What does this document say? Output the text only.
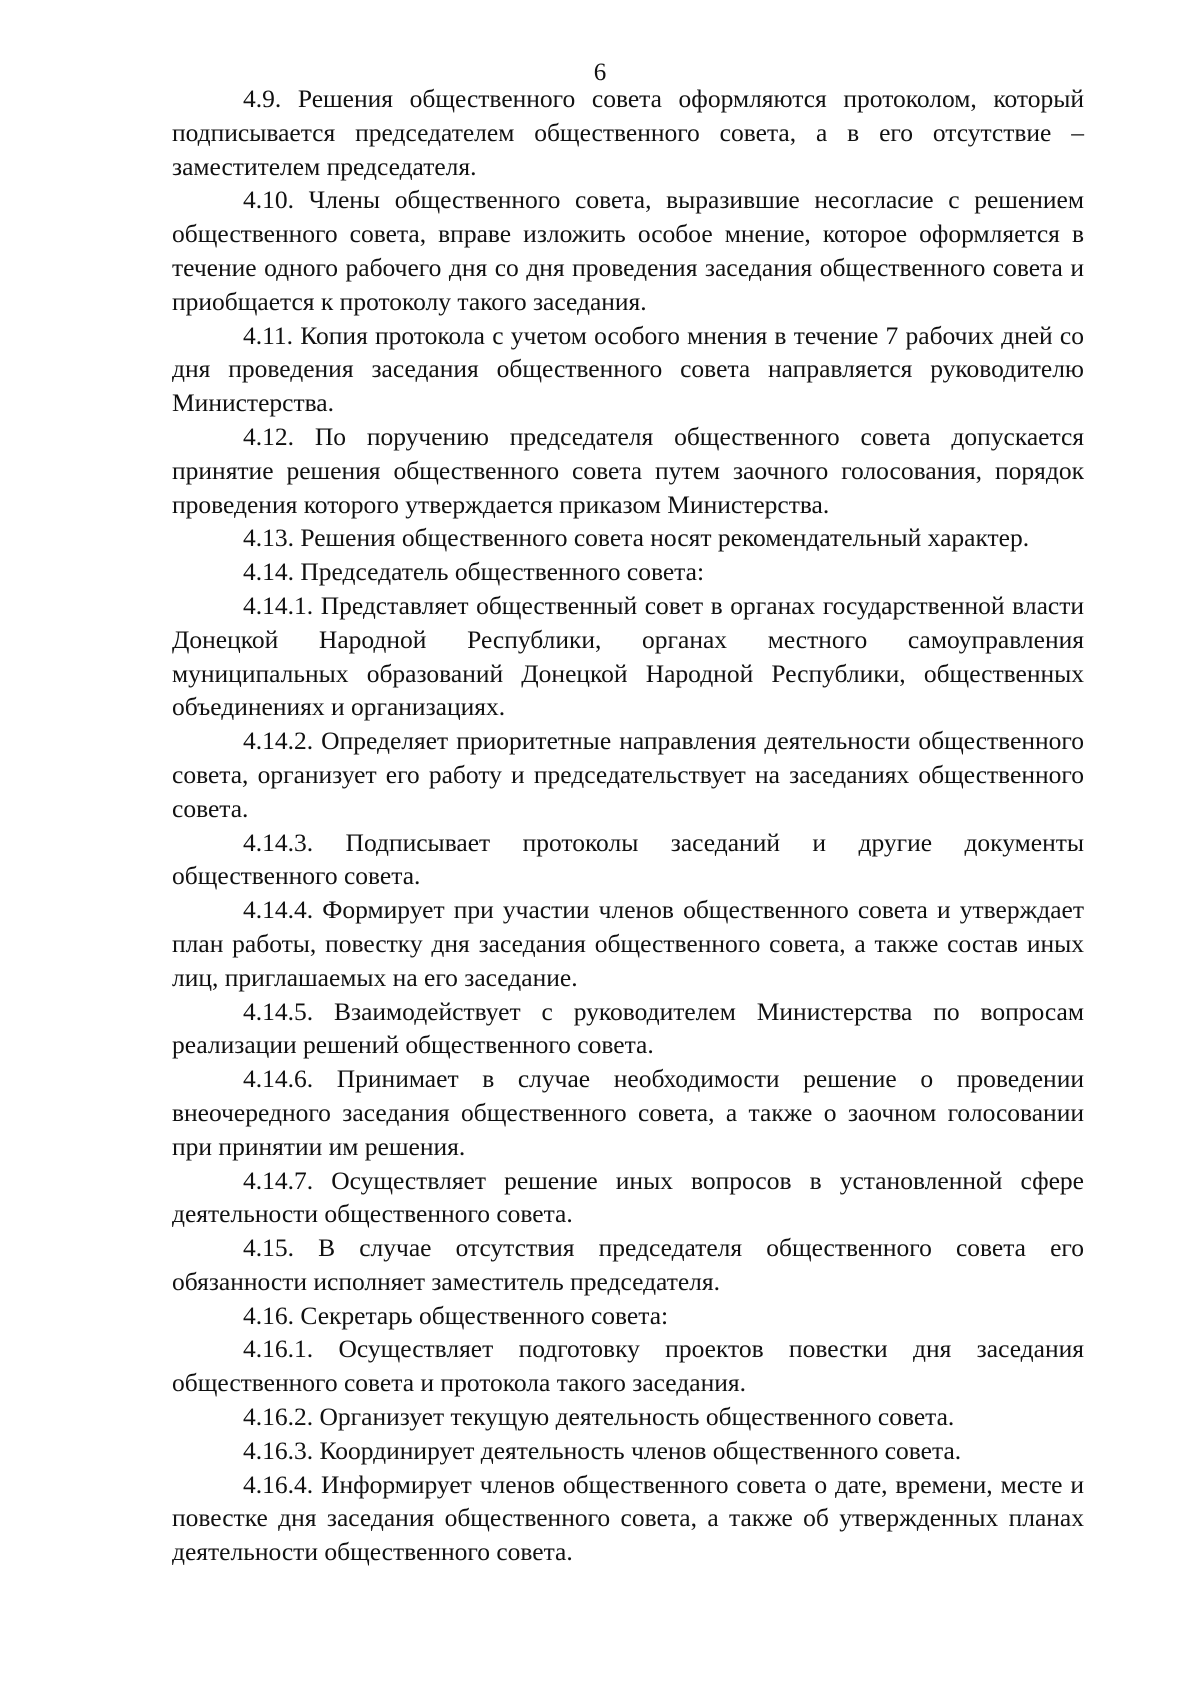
6

4.9. Решения общественного совета оформляются протоколом, который подписывается председателем общественного совета, а в его отсутствие – заместителем председателя.

4.10. Члены общественного совета, выразившие несогласие с решением общественного совета, вправе изложить особое мнение, которое оформляется в течение одного рабочего дня со дня проведения заседания общественного совета и приобщается к протоколу такого заседания.

4.11. Копия протокола с учетом особого мнения в течение 7 рабочих дней со дня проведения заседания общественного совета направляется руководителю Министерства.

4.12. По поручению председателя общественного совета допускается принятие решения общественного совета путем заочного голосования, порядок проведения которого утверждается приказом Министерства.

4.13. Решения общественного совета носят рекомендательный характер.

4.14. Председатель общественного совета:

4.14.1. Представляет общественный совет в органах государственной власти Донецкой Народной Республики, органах местного самоуправления муниципальных образований Донецкой Народной Республики, общественных объединениях и организациях.

4.14.2. Определяет приоритетные направления деятельности общественного совета, организует его работу и председательствует на заседаниях общественного совета.

4.14.3. Подписывает протоколы заседаний и другие документы общественного совета.

4.14.4. Формирует при участии членов общественного совета и утверждает план работы, повестку дня заседания общественного совета, а также состав иных лиц, приглашаемых на его заседание.

4.14.5. Взаимодействует с руководителем Министерства по вопросам реализации решений общественного совета.

4.14.6. Принимает в случае необходимости решение о проведении внеочередного заседания общественного совета, а также о заочном голосовании при принятии им решения.

4.14.7. Осуществляет решение иных вопросов в установленной сфере деятельности общественного совета.

4.15. В случае отсутствия председателя общественного совета его обязанности исполняет заместитель председателя.

4.16. Секретарь общественного совета:

4.16.1. Осуществляет подготовку проектов повестки дня заседания общественного совета и протокола такого заседания.

4.16.2. Организует текущую деятельность общественного совета.

4.16.3. Координирует деятельность членов общественного совета.

4.16.4. Информирует членов общественного совета о дате, времени, месте и повестке дня заседания общественного совета, а также об утвержденных планах деятельности общественного совета.
